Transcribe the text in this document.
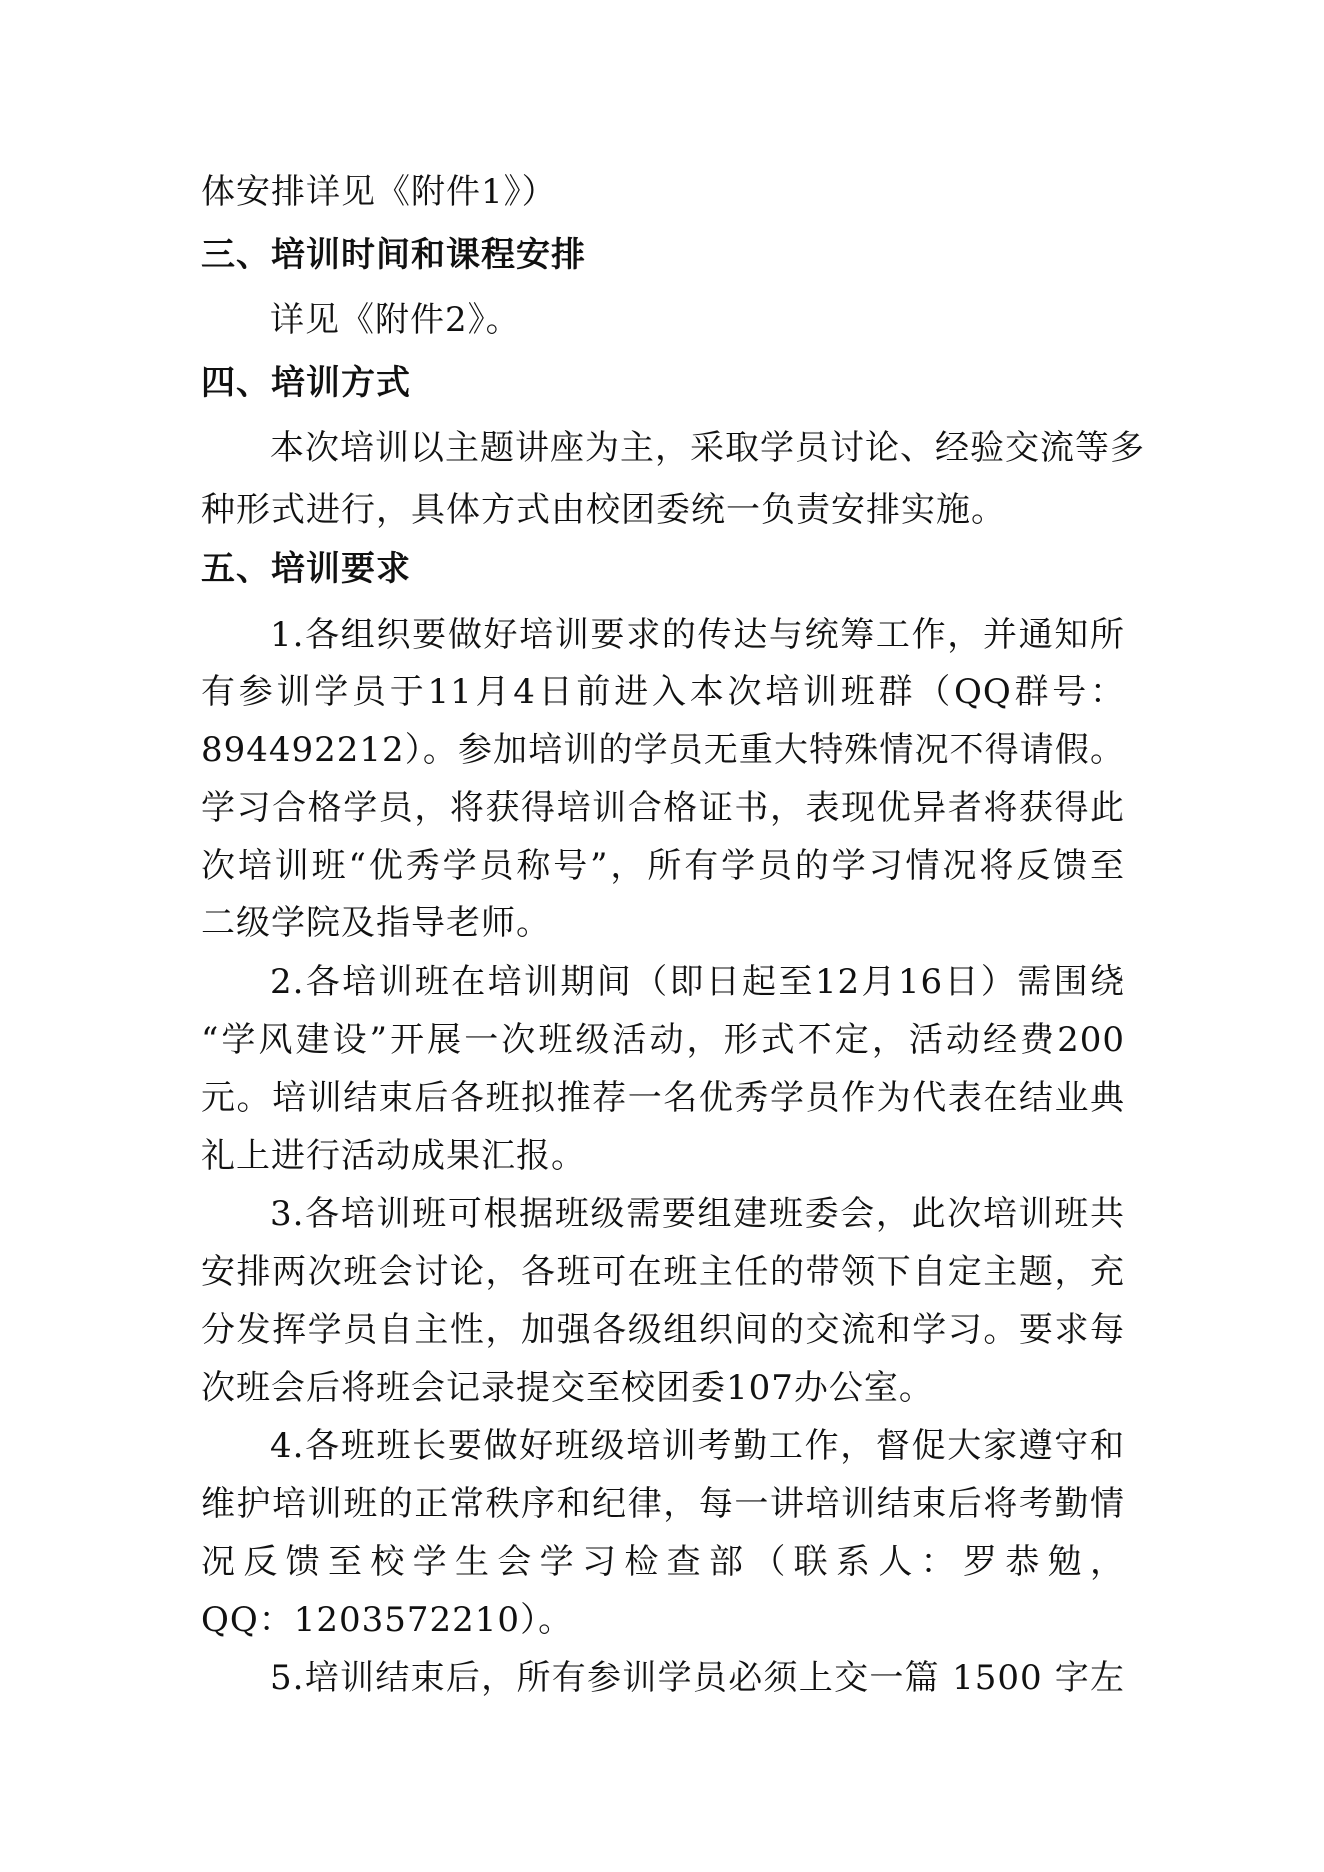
体安排详见《附件1》）
三、培训时间和课程安排
详见《附件2》。
四、培训方式
本次培训以主题讲座为主，采取学员讨论、经验交流等多
种形式进行，具体方式由校团委统一负责安排实施。
五、培训要求
1.各组织要做好培训要求的传达与统筹工作，并通知所
有参训学员于11月4日前进入本次培训班群（QQ群号：
894492212）。参加培训的学员无重大特殊情况不得请假。
学习合格学员，将获得培训合格证书，表现优异者将获得此
次培训班“优秀学员称号”，所有学员的学习情况将反馈至
二级学院及指导老师。
2.各培训班在培训期间（即日起至12月16日）需围绕
“学风建设”开展一次班级活动，形式不定，活动经费200
元。培训结束后各班拟推荐一名优秀学员作为代表在结业典
礼上进行活动成果汇报。
3.各培训班可根据班级需要组建班委会，此次培训班共
安排两次班会讨论，各班可在班主任的带领下自定主题，充
分发挥学员自主性，加强各级组织间的交流和学习。要求每
次班会后将班会记录提交至校团委107办公室。
4.各班班长要做好班级培训考勤工作，督促大家遵守和
维护培训班的正常秩序和纪律，每一讲培训结束后将考勤情
况反馈至校学生会学习检查部（联系人：罗恭勉，
QQ：1203572210）。
5.培训结束后，所有参训学员必须上交一篇 1500 字左
